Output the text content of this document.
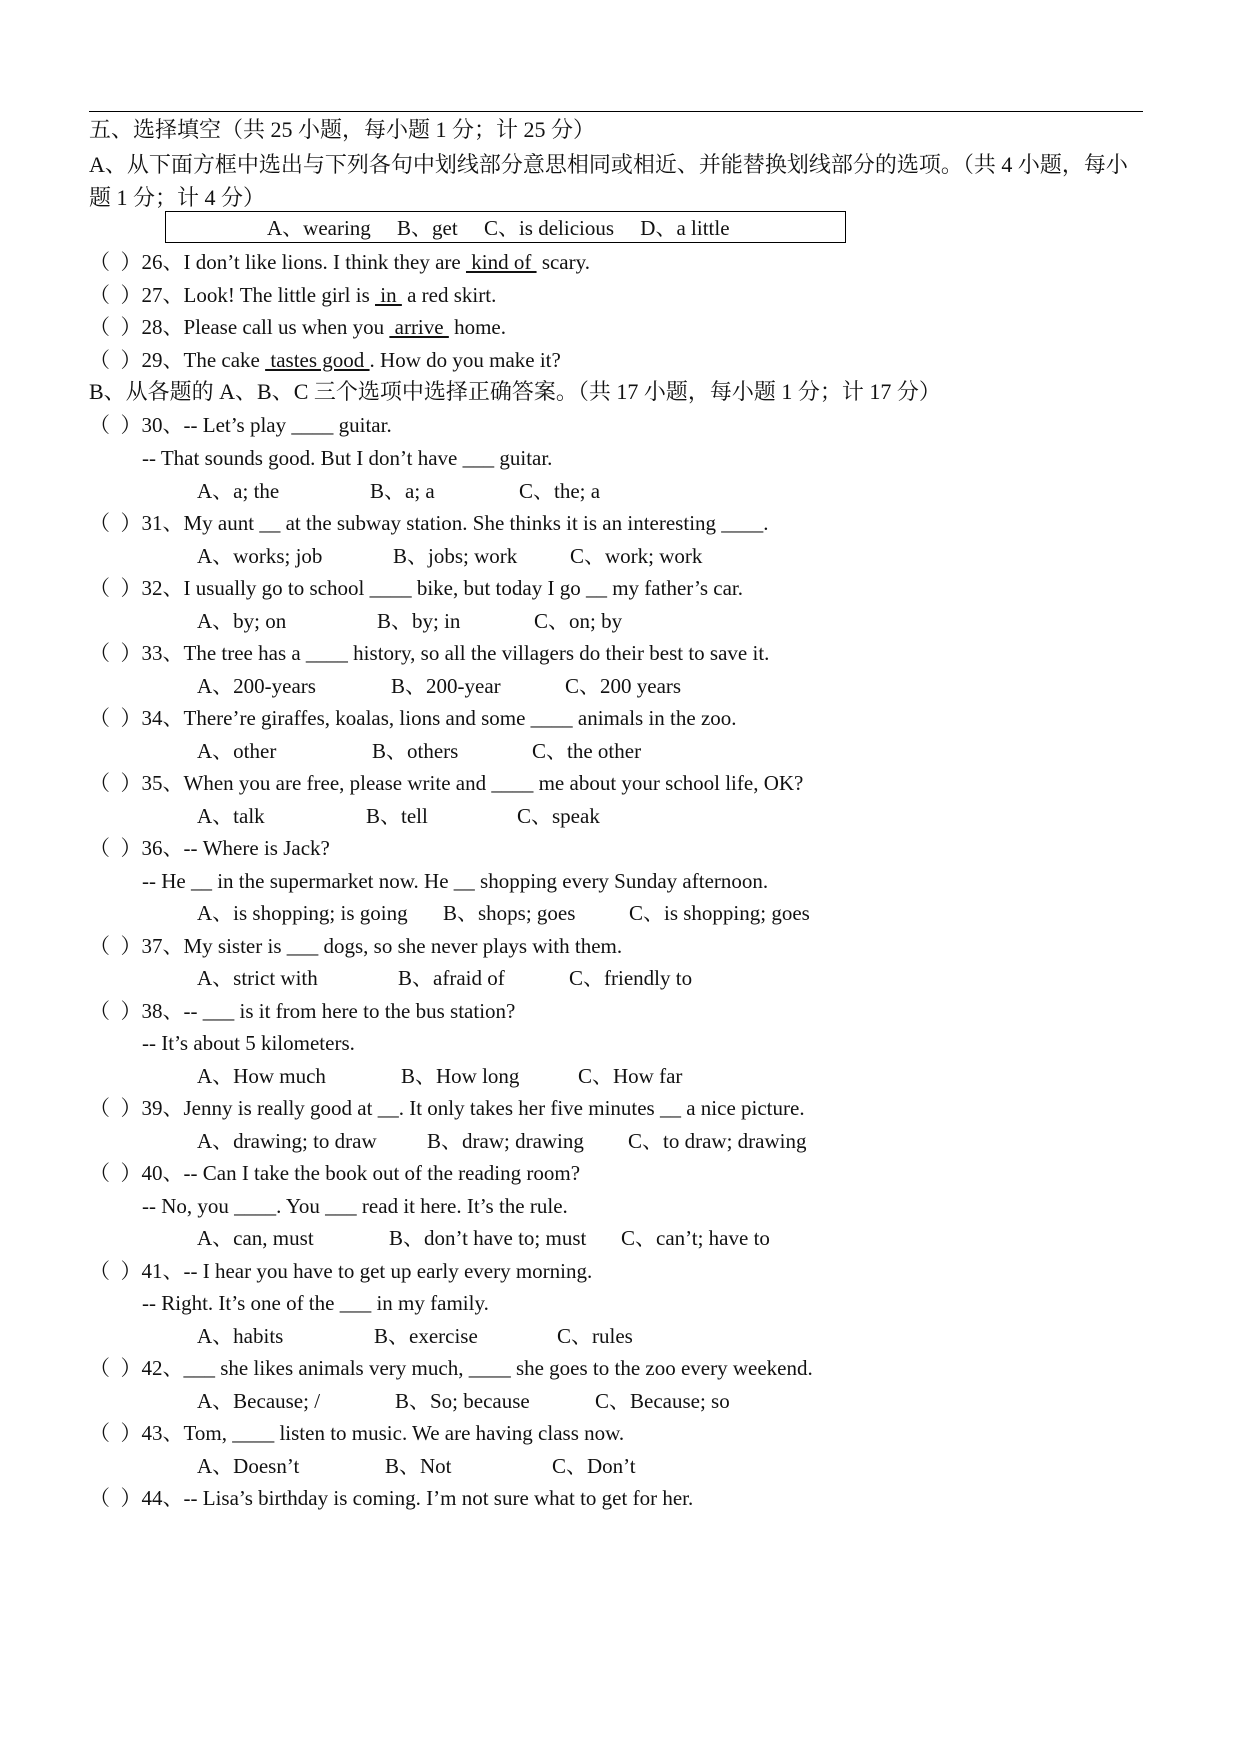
五、选择填空（共 25 小题，每小题 1 分；计 25 分）
A、从下面方框中选出与下列各句中划线部分意思相同或相近、并能替换划线部分的选项。（共 4 小题，每小题 1 分；计 4 分）
A、wearing     B、get     C、is delicious     D、a little
（  ）26、I don’t like lions. I think they are  kind of  scary.
（  ）27、Look! The little girl is  in  a red skirt.
（  ）28、Please call us when you  arrive  home.
（  ）29、The cake  tastes good . How do you make it?
B、从各题的 A、B、C 三个选项中选择正确答案。（共 17 小题，每小题 1 分；计 17 分）
（  ）30、-- Let’s play ____ guitar.
-- That sounds good. But I don’t have ___ guitar.
A、a; the	B、a; a	C、the; a
（  ）31、My aunt __ at the subway station. She thinks it is an interesting ____.
A、works; job	B、jobs; work	C、work; work
（  ）32、I usually go to school ____ bike, but today I go __ my father’s car.
A、by; on	B、by; in	C、on; by
（  ）33、The tree has a ____ history, so all the villagers do their best to save it.
A、200-years	B、200-year	C、200 years
（  ）34、There’re giraffes, koalas, lions and some ____ animals in the zoo.
A、other	B、others	C、the other
（  ）35、When you are free, please write and ____ me about your school life, OK?
A、talk	B、tell	C、speak
（  ）36、-- Where is Jack?
-- He __ in the supermarket now. He __ shopping every Sunday afternoon.
A、is shopping; is going B、shops; goes	C、is shopping; goes
（  ）37、My sister is ___ dogs, so she never plays with them.
A、strict with	B、afraid of	C、friendly to
（  ）38、-- ___ is it from here to the bus station?
-- It’s about 5 kilometers.
A、How much	B、How long	C、How far
（  ）39、Jenny is really good at __. It only takes her five minutes __ a nice picture.
A、drawing; to draw B、draw; drawing C、to draw; drawing
（  ）40、-- Can I take the book out of the reading room?
-- No, you ____. You ___ read it here. It’s the rule.
A、can, must	B、don’t have to; must C、can’t; have to
（  ）41、-- I hear you have to get up early every morning.
-- Right. It’s one of the ___ in my family.
A、habits	B、exercise	C、rules
（  ）42、___ she likes animals very much, ____ she goes to the zoo every weekend.
A、Because; /	B、So; because	C、Because; so
（  ）43、Tom, ____ listen to music. We are having class now.
A、Doesn’t	B、Not	C、Don’t
（  ）44、-- Lisa’s birthday is coming. I’m not sure what to get for her.
